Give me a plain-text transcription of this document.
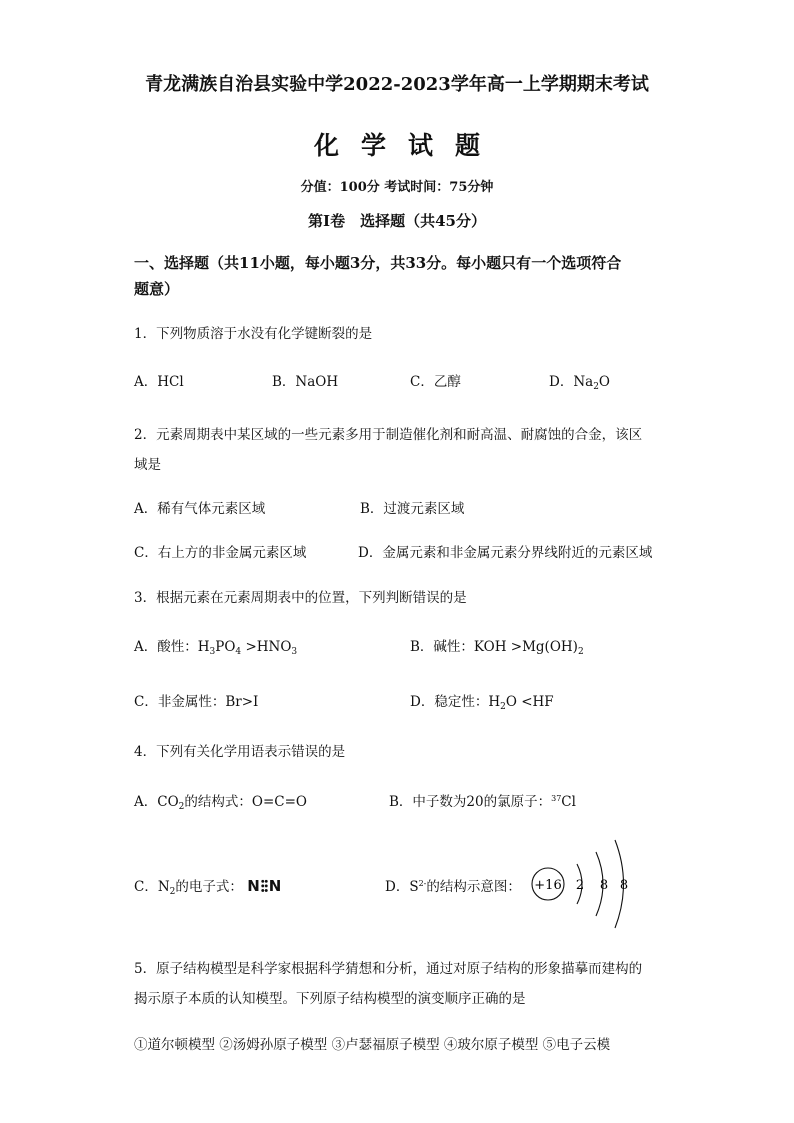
青龙满族自治县实验中学2022-2023学年高一上学期期末考试
化学试题
分值：100分 考试时间：75分钟
第I卷　选择题（共45分）
一、选择题（共11小题，每小题3分，共33分。每小题只有一个选项符合
题意）
1．下列物质溶于水没有化学键断裂的是
A．HCl	B．NaOH	C．乙醇	D．$Na_2O$
2．元素周期表中某区域的一些元素多用于制造催化剂和耐高温、耐腐蚀的合金，该区
域是
A．稀有气体元素区域	B．过渡元素区域
C．右上方的非金属元素区域	D．金属元素和非金属元素分界线附近的元素区域
3．根据元素在元素周期表中的位置，下列判断错误的是
A．酸性：$H_3PO_4 >HNO_3$	B．碱性：KOH $>Mg(OH)_2$
C．非金属性：Br>I	D．稳定性：$H_2O <HF$
4．下列有关化学用语表示错误的是
A．$CO_2$的结构式：O=C=O	B．中子数为20的氯原子：$^{37}$Cl
C．$N_2$的电子式： N N	D．$S^{2-}$的结构示意图： +16 2 8 8
5．原子结构模型是科学家根据科学猜想和分析，通过对原子结构的形象描摹而建构的
揭示原子本质的认知模型。下列原子结构模型的演变顺序正确的是
①道尔顿模型 ②汤姆孙原子模型 ③卢瑟福原子模型 ④玻尔原子模型 ⑤电子云模
